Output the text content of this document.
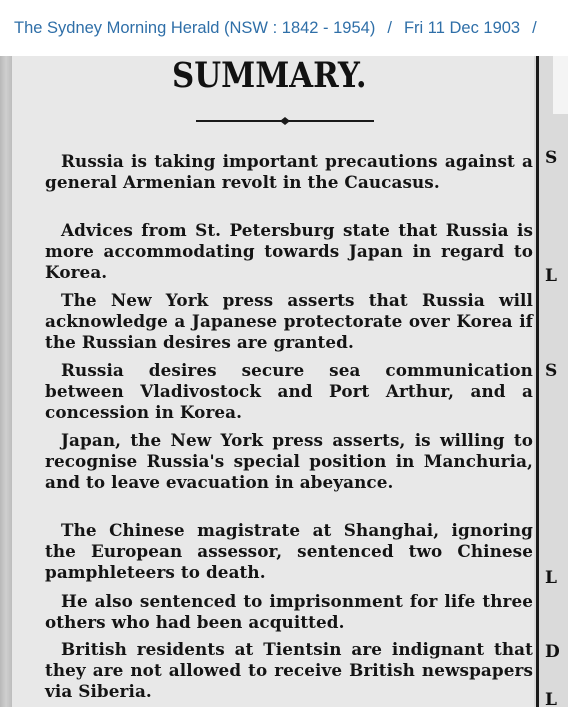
The Sydney Morning Herald (NSW : 1842 - 1954) / Fri 11 Dec 1903 /
S
L
S
L
D
L
SUMMARY.

Russia is taking important precautions against a general Armenian revolt in the Caucasus.

Advices from St. Petersburg state that Russia is more accommodating towards Japan in regard to Korea.

The New York press asserts that Russia will acknowledge a Japanese protectorate over Korea if the Russian desires are granted.

Russia desires secure sea communication between Vladivostock and Port Arthur, and a concession in Korea.

Japan, the New York press asserts, is willing to recognise Russia's special position in Manchuria, and to leave evacuation in abeyance.

The Chinese magistrate at Shanghai, ignoring the European assessor, sentenced two Chinese pamphleteers to death.

He also sentenced to imprisonment for life three others who had been acquitted.

British residents at Tientsin are indignant that they are not allowed to receive British newspapers via Siberia.
